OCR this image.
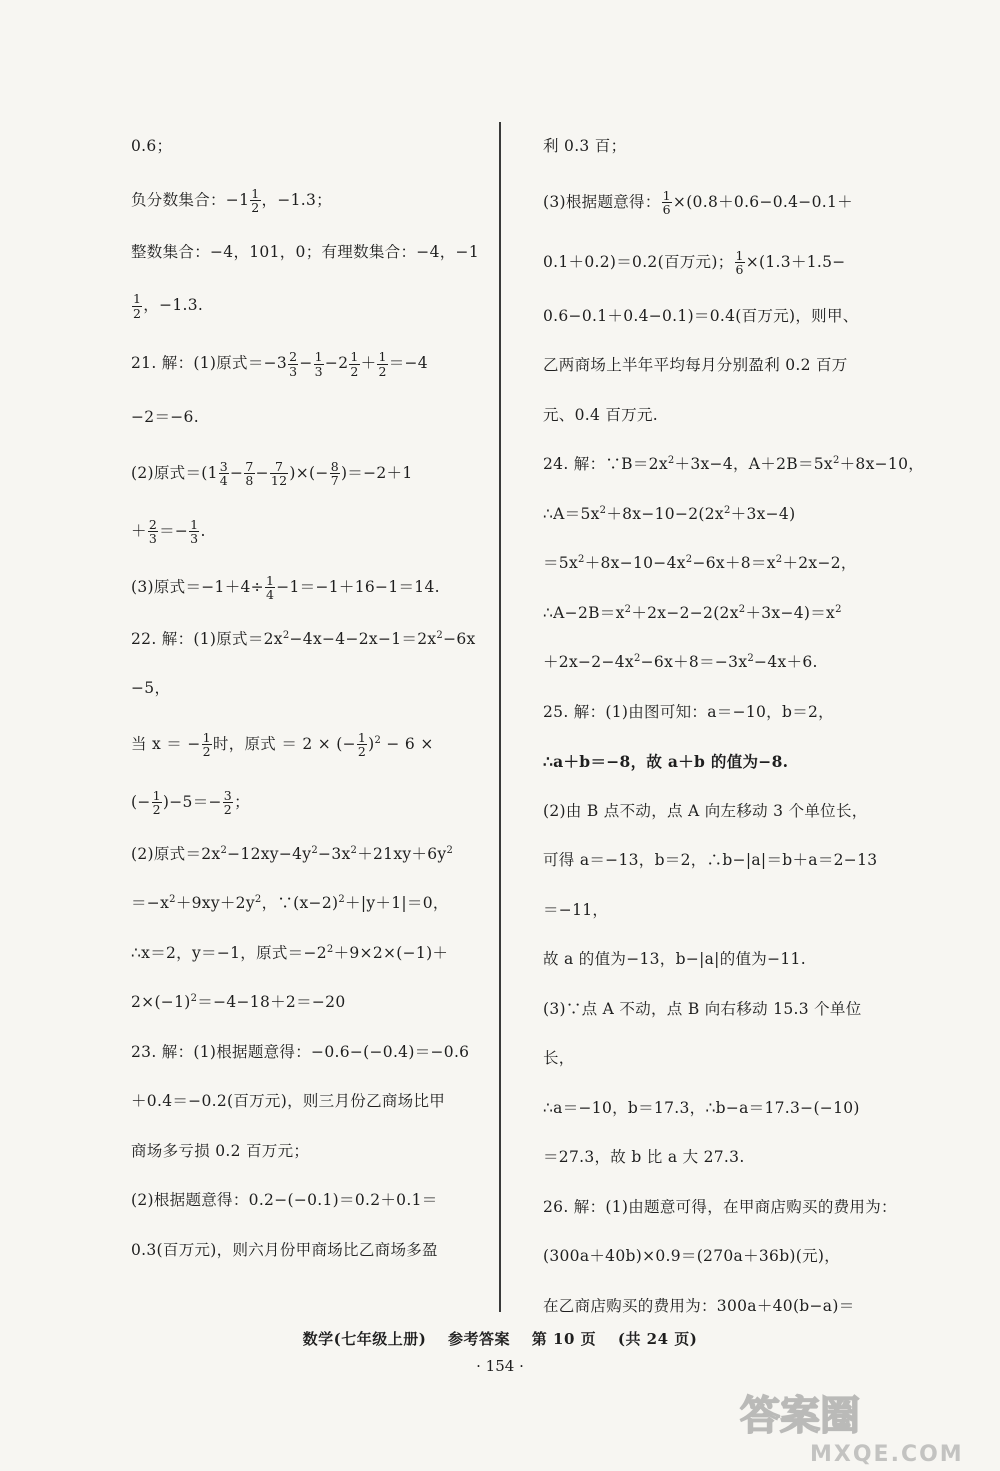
0.6；
负分数集合：$-1 \frac{1}{2}$ ，−1.3；
整数集合：−4，101，0；有理数集合：−4，−1
$\frac{1}{2}$ ，−1.3.
21. 解：(1)原式$=-3 \frac{2}{3} - \frac{1}{3} -2 \frac{1}{2} + \frac{1}{2} =-4$
−2＝−6.
(2)原式$=(1 \frac{3}{4} - \frac{7}{8} - \frac{7}{12}$ )×(− $\frac{8}{7} )=-2+1$
＋ $\frac{2}{3} =- \frac{1}{3}$ .
(3)原式$=-1+4\div \frac{1}{4} -1=-1+16-1=14$.
22. 解：(1)原式$=2x^2-4x-4-2x-1=2x^2-6x$
−5，
当 x ＝ − $\frac{1}{2}$ 时，原式 ＝ 2 × (− $\frac{1}{2} )^2 - 6$ ×
(− $\frac{1}{2} )-5=- \frac{3}{2}$ ；
(2)原式$=2x^2-12xy-4y^2-3x^2+21xy+6y^2$
$=-x^2+9xy+2y^2$，$\because(x-2)^2+|y+1|=0$，
∴x＝2，y＝−1，原式$=-2^2+9\times 2\times(-1)+$
$2\times(-1)^2=-4-18+2=-20$
23. 解：(1)根据题意得：−0.6−(−0.4)＝−0.6
＋0.4＝−0.2(百万元)，则三月份乙商场比甲
商场多亏损 0.2 百万元；
(2)根据题意得：0.2−(−0.1)＝0.2＋0.1＝
0.3(百万元)，则六月份甲商场比乙商场多盈
利 0.3 百；
(3)根据题意得： $\frac{1}{6} \times(0.8+0.6-0.4-0.1+$
0.1＋0.2)＝0.2(百万元)； $\frac{1}{6} \times(1.3+1.5-$
0.6−0.1＋0.4−0.1)＝0.4(百万元)，则甲、
乙两商场上半年平均每月分别盈利 0.2 百万
元、0.4 百万元.
24. 解：$\because B=2x^2+3x-4$，$A+2B=5x^2+8x-10$，
$\therefore A=5x^2+8x-10-2(2x^2+3x-4)$
$=5x^2+8x-10-4x^2-6x+8=x^2+2x-2$，
$\therefore A-2B=x^2+2x-2-2(2x^2+3x-4)=x^2$
$+2x-2-4x^2-6x+8=-3x^2-4x+6$.
25. 解：(1)由图可知：a＝−10，b＝2，
∴a＋b＝−8，故 a＋b 的值为−8.
(2)由 B 点不动，点 A 向左移动 3 个单位长，
可得 a＝−13，b＝2，∴b−|a|＝b＋a＝2−13
＝−11，
故 a 的值为−13，b−|a|的值为−11.
(3)∵点 A 不动，点 B 向右移动 15.3 个单位
长，
∴a＝−10，b＝17.3，∴b−a＝17.3−(−10)
＝27.3，故 b 比 a 大 27.3.
26. 解：(1)由题意可得，在甲商店购买的费用为：
(300a＋40b)×0.9＝(270a＋36b)(元)，
在乙商店购买的费用为：300a＋40(b−a)＝
数学(七年级上册) 参考答案 第 10 页 (共 24 页)
· 154 ·
答案圈
MXQE.COM
